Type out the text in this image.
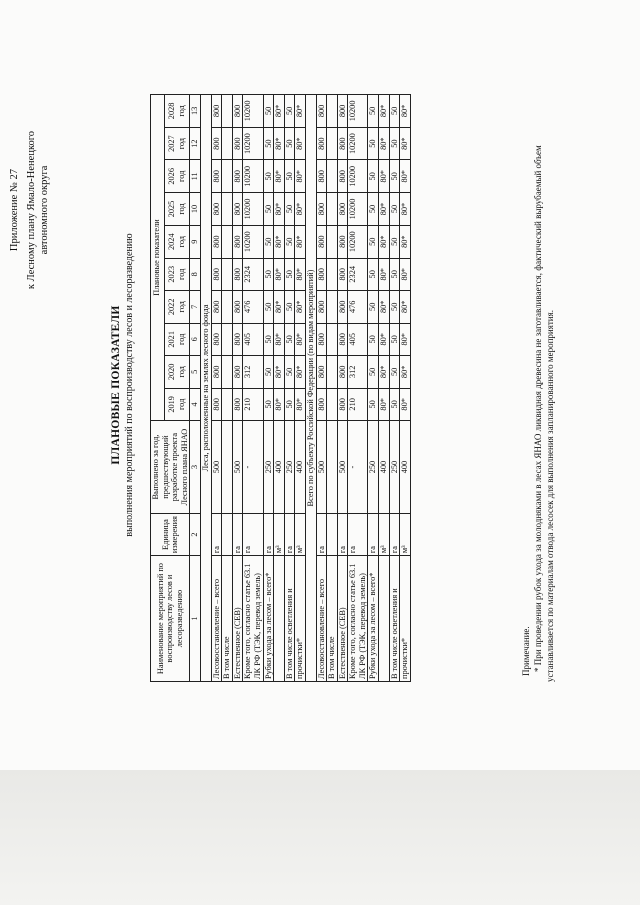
Приложение № 27 к Лесному плану Ямало-Ненецкого автономного округа
ПЛАНОВЫЕ ПОКАЗАТЕЛИ выполнения мероприятий по воспроизводству лесов и лесоразведению
Наименование мероприятий по воспроизводству лесов и лесоразведению	Единица измерения	Выполнено за год, предшествующий разработке проекта Лесного плана ЯНАО	Плановые показатели									
			2019 год	2020 год	2021 год	2022 год	2023 год	2024 год	2025 год	2026 год	2027 год	2028 год
1	2	3	4	5	6	7	8	9	10	11	12	13
Леса, расположенные на землях лесного фонда												
Лесовосстановление – всего	га	500	800	800	800	800	800	800	800	800	800	800
В том числе												
Естественное (СЕВ)	га	500	800	800	800	800	800	800	800	800	800	800
Кроме того, согласно статье 63.1 ЛК РФ (ТЭК, перевод земель)	га	-	210	312	405	476	2324	10200	10200	10200	10200	10200
Рубки ухода за лесом – всего*	га	250	50	50	50	50	50	50	50	50	50	50
	м³	400	80*	80*	80*	80*	80*	80*	80*	80*	80*	80*
В том числе осветления и	га	250	50	50	50	50	50	50	50	50	50	50
прочистки*	м³	400	80*	80*	80*	80*	80*	80*	80*	80*	80*	80*
Всего по субъекту Российской Федерации (по видам мероприятий)												
Лесовосстановление – всего	га	500	800	800	800	800	800	800	800	800	800	800
В том числе												
Естественное (СЕВ)	га	500	800	800	800	800	800	800	800	800	800	800
Кроме того, согласно статье 63.1 ЛК РФ (ТЭК, перевод земель)	га	-	210	312	405	476	2324	10200	10200	10200	10200	10200
Рубки ухода за лесом – всего*	га	250	50	50	50	50	50	50	50	50	50	50
	м³	400	80*	80*	80*	80*	80*	80*	80*	80*	80*	80*
В том числе осветления и	га	250	50	50	50	50	50	50	50	50	50	50
прочистки*	м³	400	80*	80*	80*	80*	80*	80*	80*	80*	80*	80*
Примечание. * При проведении рубок ухода за молодняками в лесах ЯНАО ликвидная древесина не заготавливается, фактический вырубаемый объем устанавливается по материалам отвода лесосек для выполнения запланированного мероприятия.
